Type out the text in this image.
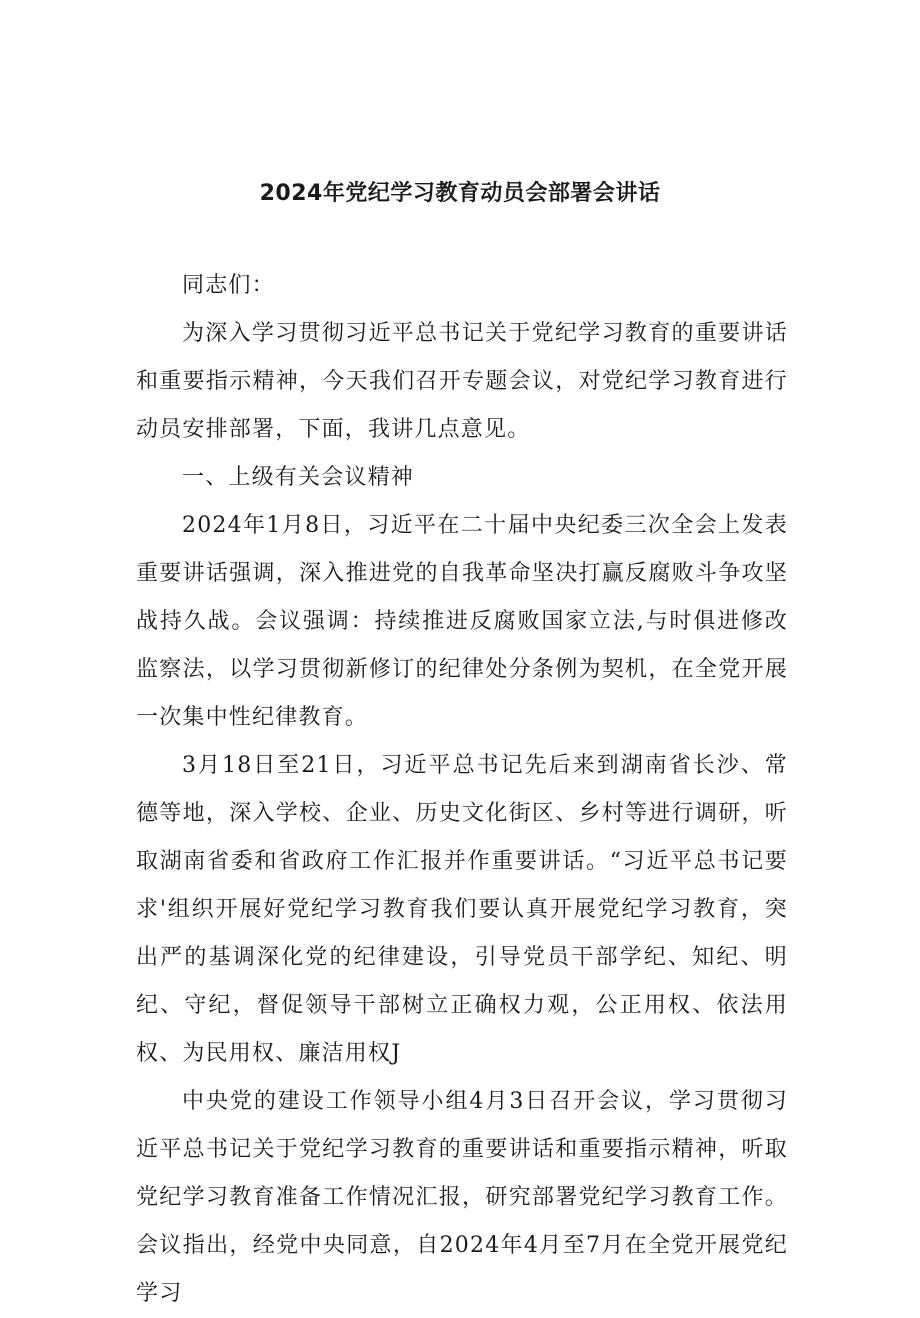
2024年党纪学习教育动员会部署会讲话

同志们：

为深入学习贯彻习近平总书记关于党纪学习教育的重要讲话和重要指示精神，今天我们召开专题会议，对党纪学习教育进行动员安排部署，下面，我讲几点意见。

一、上级有关会议精神

2024年1月8日，习近平在二十届中央纪委三次全会上发表重要讲话强调，深入推进党的自我革命坚决打赢反腐败斗争攻坚战持久战。会议强调：持续推进反腐败国家立法,与时俱进修改监察法，以学习贯彻新修订的纪律处分条例为契机，在全党开展一次集中性纪律教育。

3月18日至21日，习近平总书记先后来到湖南省长沙、常德等地，深入学校、企业、历史文化街区、乡村等进行调研，听取湖南省委和省政府工作汇报并作重要讲话。“习近平总书记要求'组织开展好党纪学习教育我们要认真开展党纪学习教育，突出严的基调深化党的纪律建设，引导党员干部学纪、知纪、明纪、守纪，督促领导干部树立正确权力观，公正用权、依法用权、为民用权、廉洁用权J

中央党的建设工作领导小组4月3日召开会议，学习贯彻习近平总书记关于党纪学习教育的重要讲话和重要指示精神，听取党纪学习教育准备工作情况汇报，研究部署党纪学习教育工作。会议指出，经党中央同意，自2024年4月至7月在全党开展党纪学习
